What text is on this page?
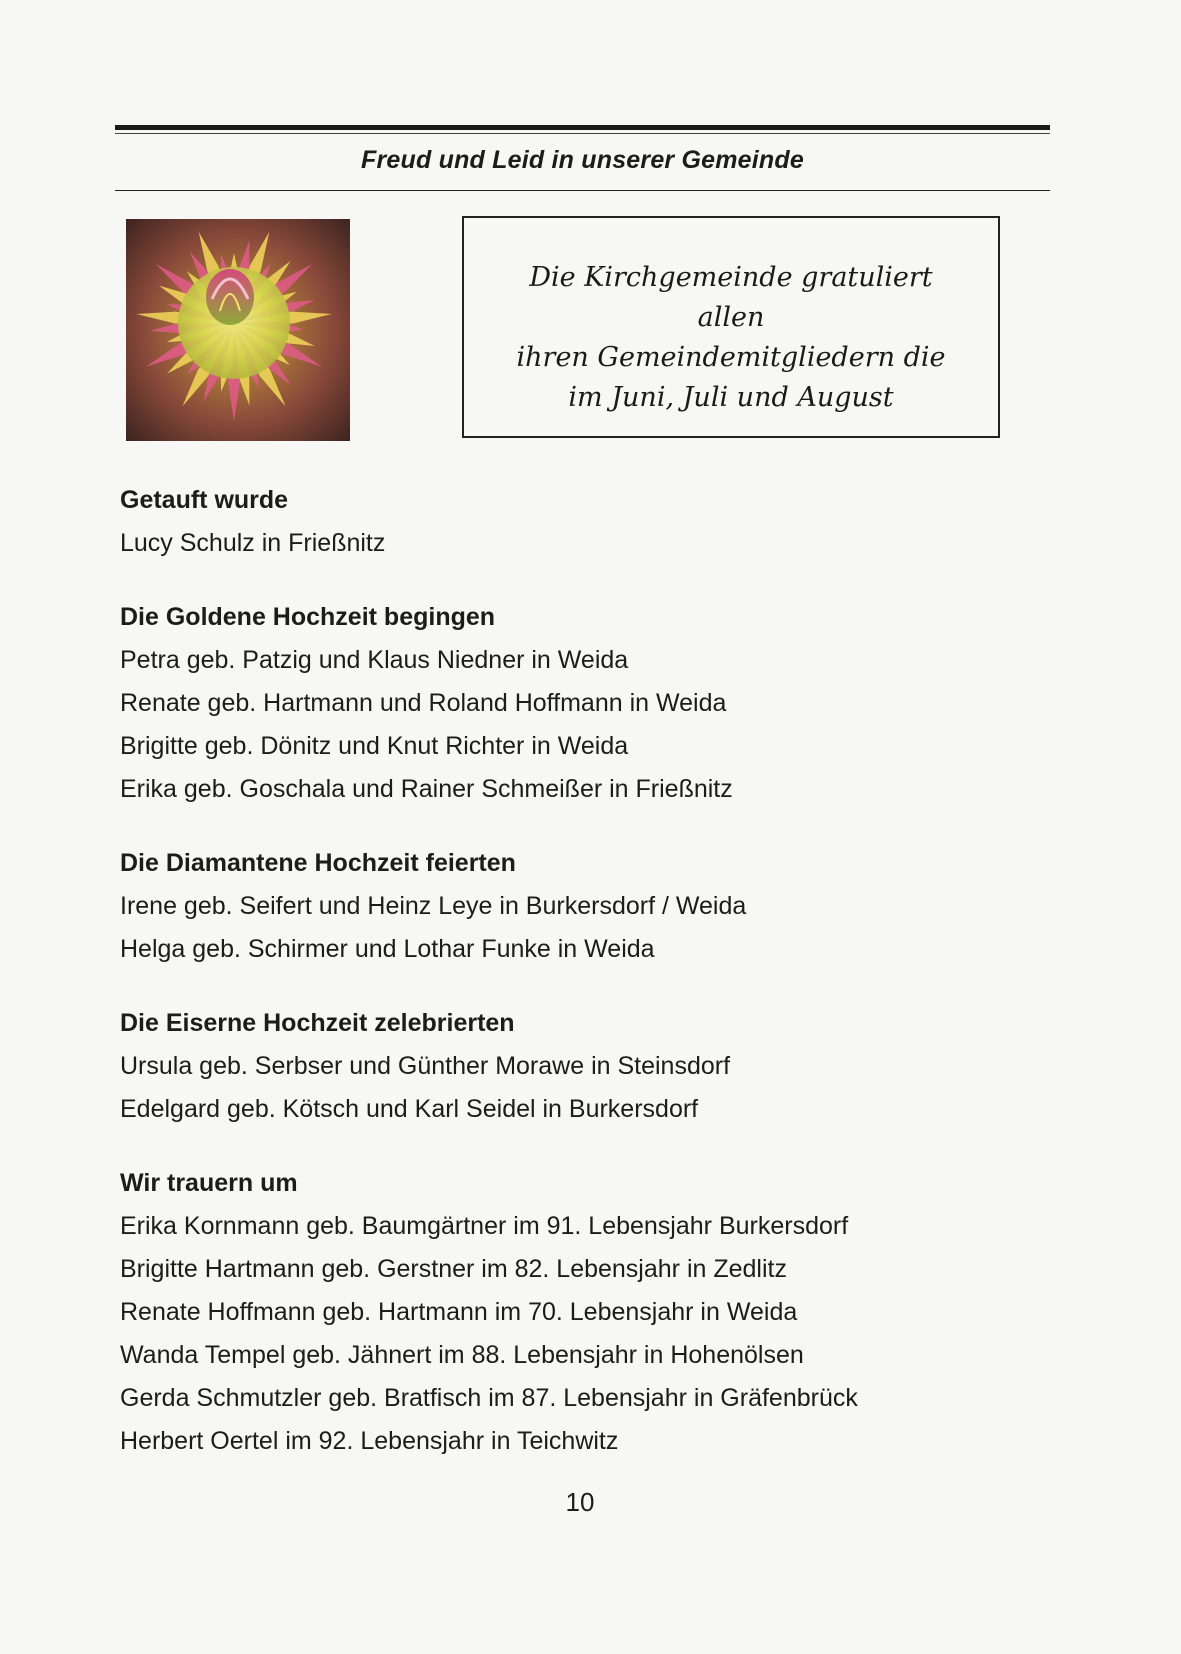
Freud und Leid in unserer Gemeinde
Die Kirchgemeinde gratuliert
allen
ihren Gemeindemitgliedern die
im Juni, Juli und August
Getauft wurde
Lucy Schulz in Frießnitz
Die Goldene Hochzeit begingen
Petra geb. Patzig und Klaus Niedner in Weida
Renate geb. Hartmann und Roland Hoffmann in Weida
Brigitte geb. Dönitz und Knut Richter in Weida
Erika geb. Goschala und Rainer Schmeißer in Frießnitz
Die Diamantene Hochzeit feierten
Irene geb. Seifert und Heinz Leye in Burkersdorf / Weida
Helga geb. Schirmer und Lothar Funke in Weida
Die Eiserne Hochzeit zelebrierten
Ursula geb. Serbser und Günther Morawe in Steinsdorf
Edelgard geb. Kötsch und Karl Seidel in Burkersdorf
Wir trauern um
Erika Kornmann geb. Baumgärtner im 91. Lebensjahr Burkersdorf
Brigitte Hartmann geb. Gerstner im 82. Lebensjahr in Zedlitz
Renate Hoffmann geb. Hartmann im 70. Lebensjahr in Weida
Wanda Tempel geb. Jähnert im 88. Lebensjahr in Hohenölsen
Gerda Schmutzler geb. Bratfisch im 87. Lebensjahr in Gräfenbrück
Herbert Oertel im 92. Lebensjahr in Teichwitz
10
